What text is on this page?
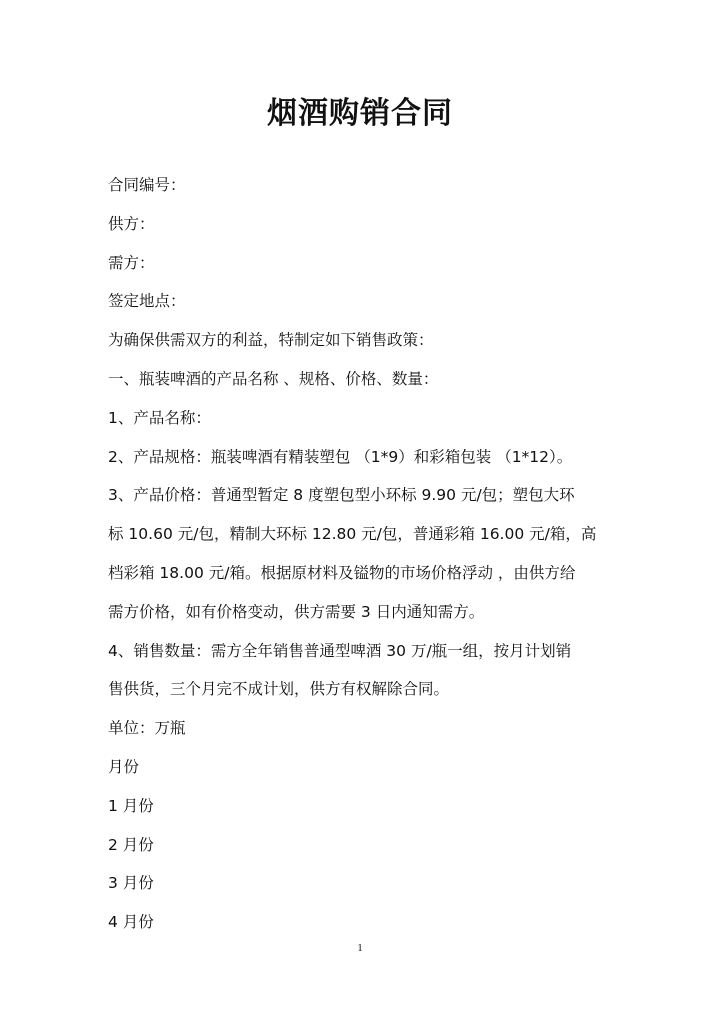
烟酒购销合同
合同编号：
供方：
需方：
签定地点：
为确保供需双方的利益，特制定如下销售政策：
一、瓶装啤酒的产品名称 、规格、价格、数量：
1、产品名称：
2、产品规格：瓶装啤酒有精装塑包 （1*9）和彩箱包装 （1*12）。
3、产品价格：普通型暂定 8 度塑包型小环标 9.90 元/包；塑包大环
标 10.60 元/包，精制大环标 12.80 元/包，普通彩箱 16.00 元/箱，高
档彩箱 18.00 元/箱。根据原材料及镒物的市场价格浮动 ，由供方给
需方价格，如有价格变动，供方需要 3 日内通知需方。
4、销售数量：需方全年销售普通型啤酒 30 万/瓶一组，按月计划销
售供货，三个月完不成计划，供方有权解除合同。
单位：万瓶
月份
1 月份
2 月份
3 月份
4 月份
1
